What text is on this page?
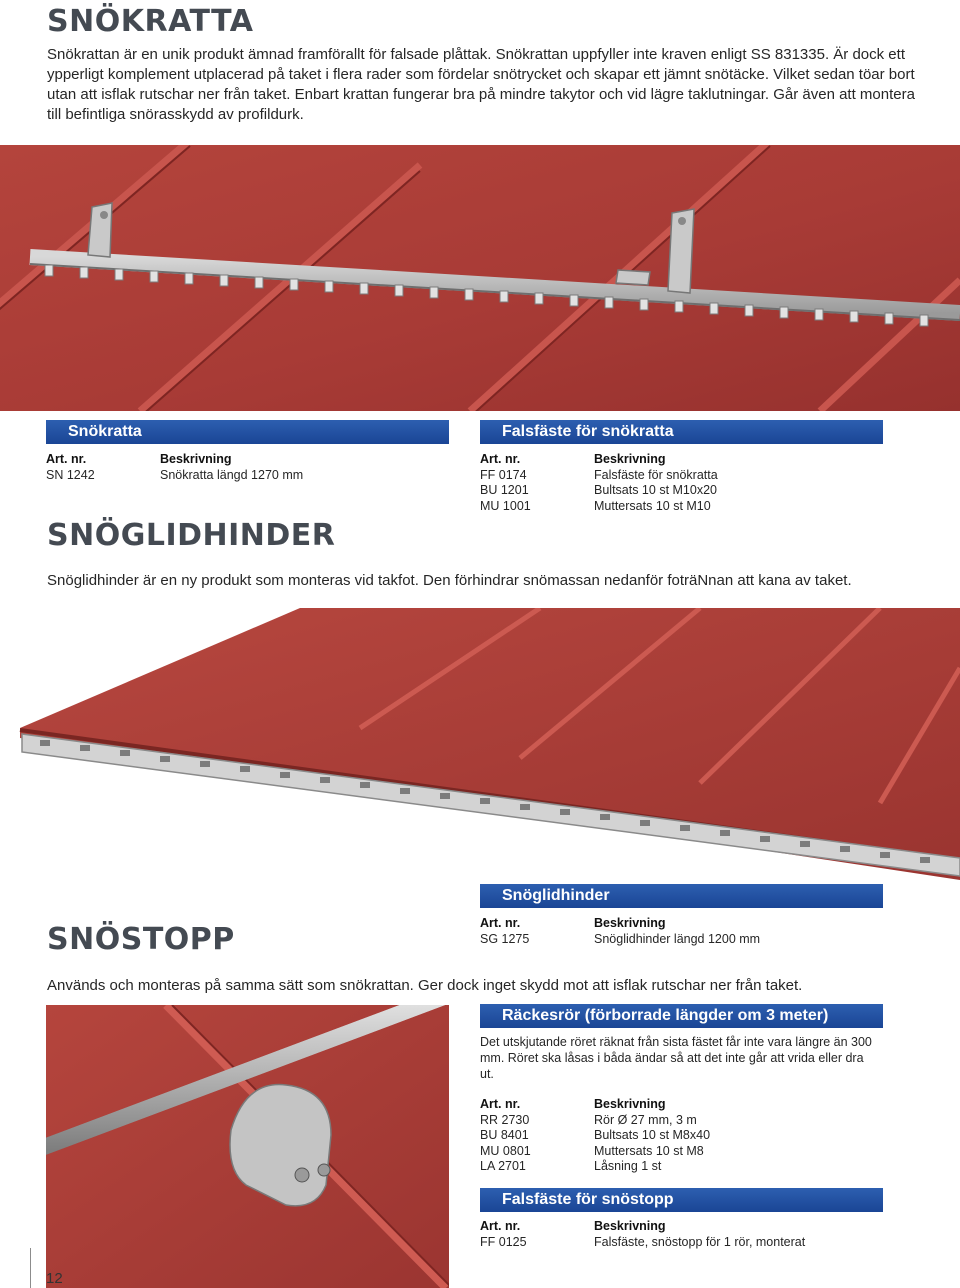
SNÖKRATTA
Snökrattan är en unik produkt ämnad framförallt för falsade plåttak. Snökrattan uppfyller inte kraven enligt SS 831335. Är dock ett ypperligt komplement utplacerad på taket i flera rader som fördelar snötrycket och skapar ett jämnt snötäcke. Vilket sedan töar bort utan att isflak rutschar ner från taket. Enbart krattan fungerar bra på mindre takytor och vid lägre taklutningar. Går även att montera till befintliga snörasskydd av profildurk.
Snökratta
Art. nr.	Beskrivning
SN 1242	Snökratta längd 1270 mm
Falsfäste för snökratta
Art. nr.	Beskrivning
FF 0174	Falsfäste för snökratta
BU 1201	Bultsats 10 st M10x20
MU 1001	Muttersats 10 st M10
SNÖGLIDHINDER
Snöglidhinder är en ny produkt som monteras vid takfot. Den förhindrar snömassan nedanför foträNnan att kana av taket.
Snöglidhinder
Art. nr.	Beskrivning
SG 1275	Snöglidhinder längd 1200 mm
SNÖSTOPP
Används och monteras på samma sätt som snökrattan. Ger dock inget skydd mot att isflak rutschar ner från taket.
Räckesrör (förborrade längder om 3 meter)
Det utskjutande röret räknat från sista fästet får inte vara längre än 300 mm. Röret ska låsas i båda ändar så att det inte går att vrida eller dra ut.
Art. nr.	Beskrivning
RR 2730	Rör Ø 27 mm, 3 m
BU 8401	Bultsats 10 st M8x40
MU 0801	Muttersats 10 st M8
LA 2701	Låsning 1 st
Falsfäste för snöstopp
Art. nr.	Beskrivning
FF 0125	Falsfäste, snöstopp för 1 rör, monterat
12
